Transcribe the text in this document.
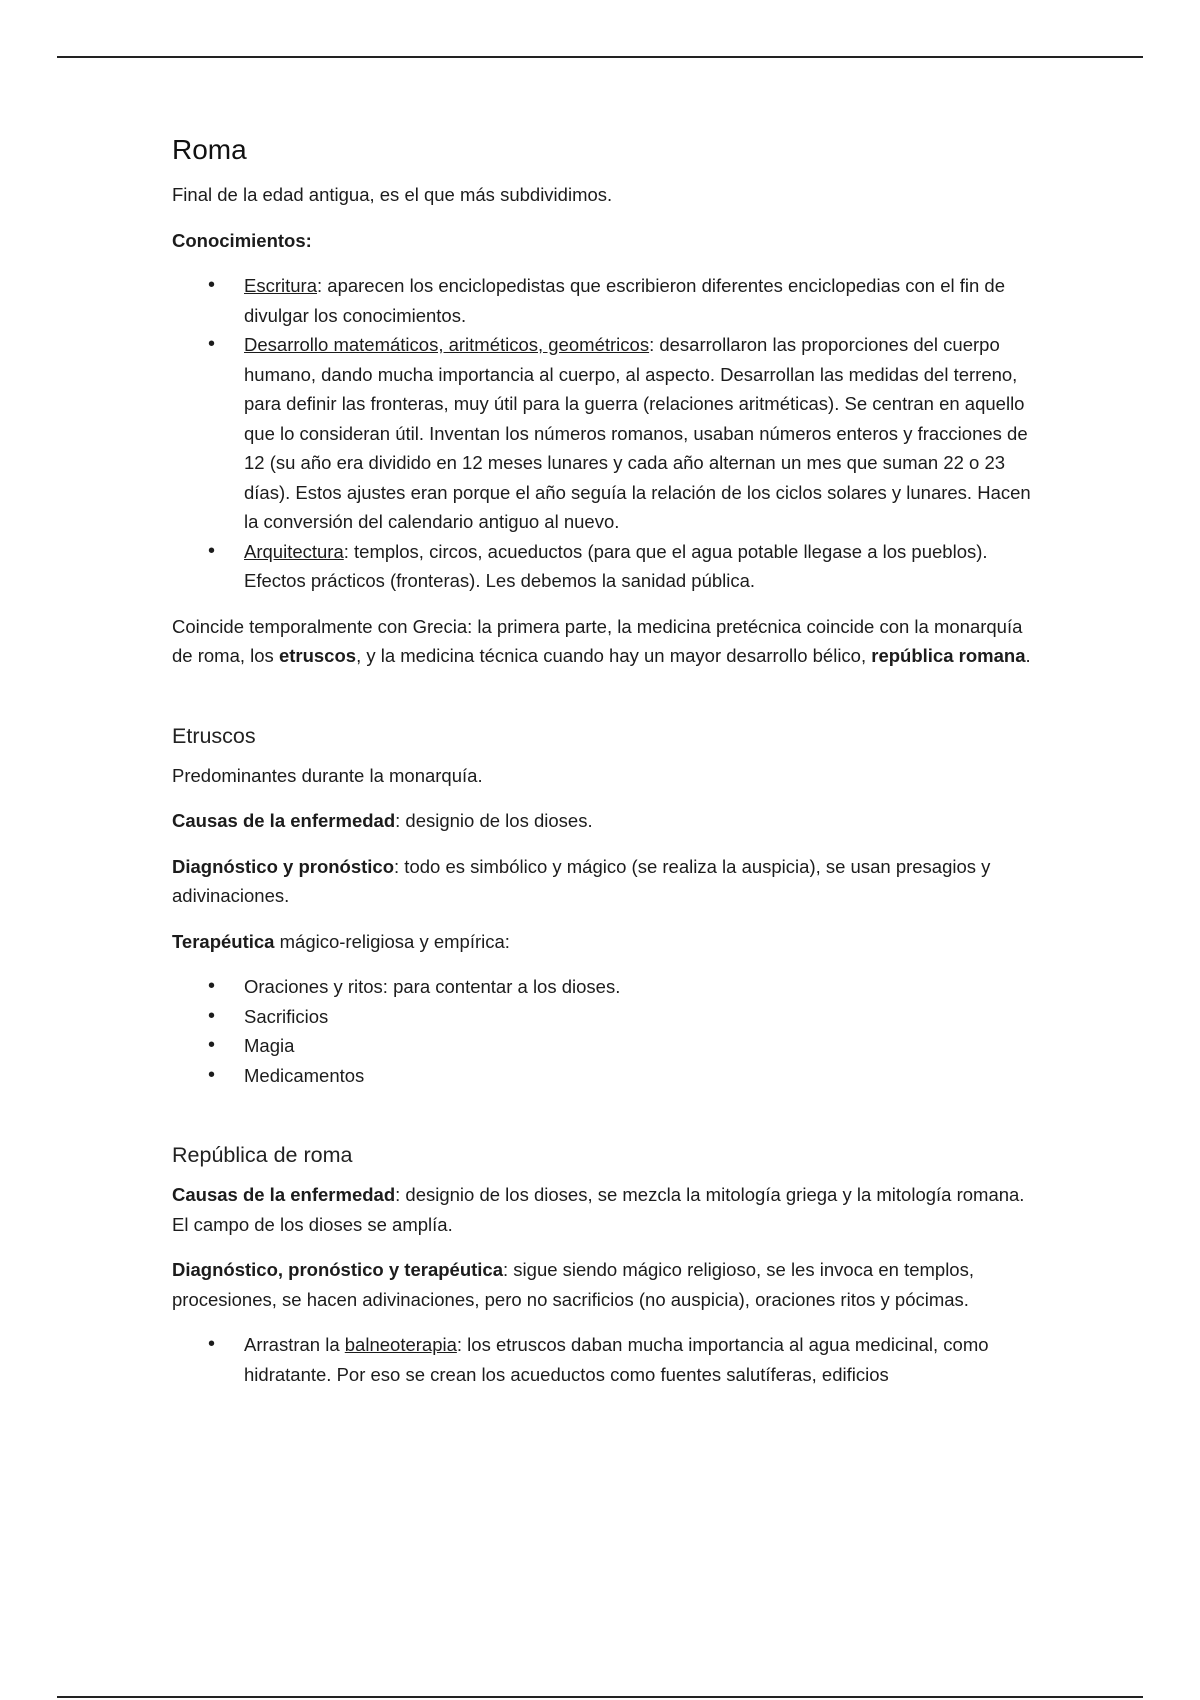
Roma

Final de la edad antigua, es el que más subdividimos.

Conocimientos:

• Escritura: aparecen los enciclopedistas que escribieron diferentes enciclopedias con el fin de divulgar los conocimientos.
• Desarrollo matemáticos, aritméticos, geométricos: desarrollaron las proporciones del cuerpo humano, dando mucha importancia al cuerpo, al aspecto. Desarrollan las medidas del terreno, para definir las fronteras, muy útil para la guerra (relaciones aritméticas). Se centran en aquello que lo consideran útil. Inventan los números romanos, usaban números enteros y fracciones de 12 (su año era dividido en 12 meses lunares y cada año alternan un mes que suman 22 o 23 días). Estos ajustes eran porque el año seguía la relación de los ciclos solares y lunares. Hacen la conversión del calendario antiguo al nuevo.
• Arquitectura: templos, circos, acueductos (para que el agua potable llegase a los pueblos). Efectos prácticos (fronteras). Les debemos la sanidad pública.

Coincide temporalmente con Grecia: la primera parte, la medicina pretécnica coincide con la monarquía de roma, los etruscos, y la medicina técnica cuando hay un mayor desarrollo bélico, república romana.

Etruscos

Predominantes durante la monarquía.

Causas de la enfermedad: designio de los dioses.

Diagnóstico y pronóstico: todo es simbólico y mágico (se realiza la auspicia), se usan presagios y adivinaciones.

Terapéutica mágico-religiosa y empírica:

• Oraciones y ritos: para contentar a los dioses.
• Sacrificios
• Magia
• Medicamentos
República de roma

Causas de la enfermedad: designio de los dioses, se mezcla la mitología griega y la mitología romana. El campo de los dioses se amplía.

Diagnóstico, pronóstico y terapéutica: sigue siendo mágico religioso, se les invoca en templos, procesiones, se hacen adivinaciones, pero no sacrificios (no auspicia), oraciones ritos y pócimas.

• Arrastran la balneoterapia: los etruscos daban mucha importancia al agua medicinal, como hidratante. Por eso se crean los acueductos como fuentes salutíferas, edificios
